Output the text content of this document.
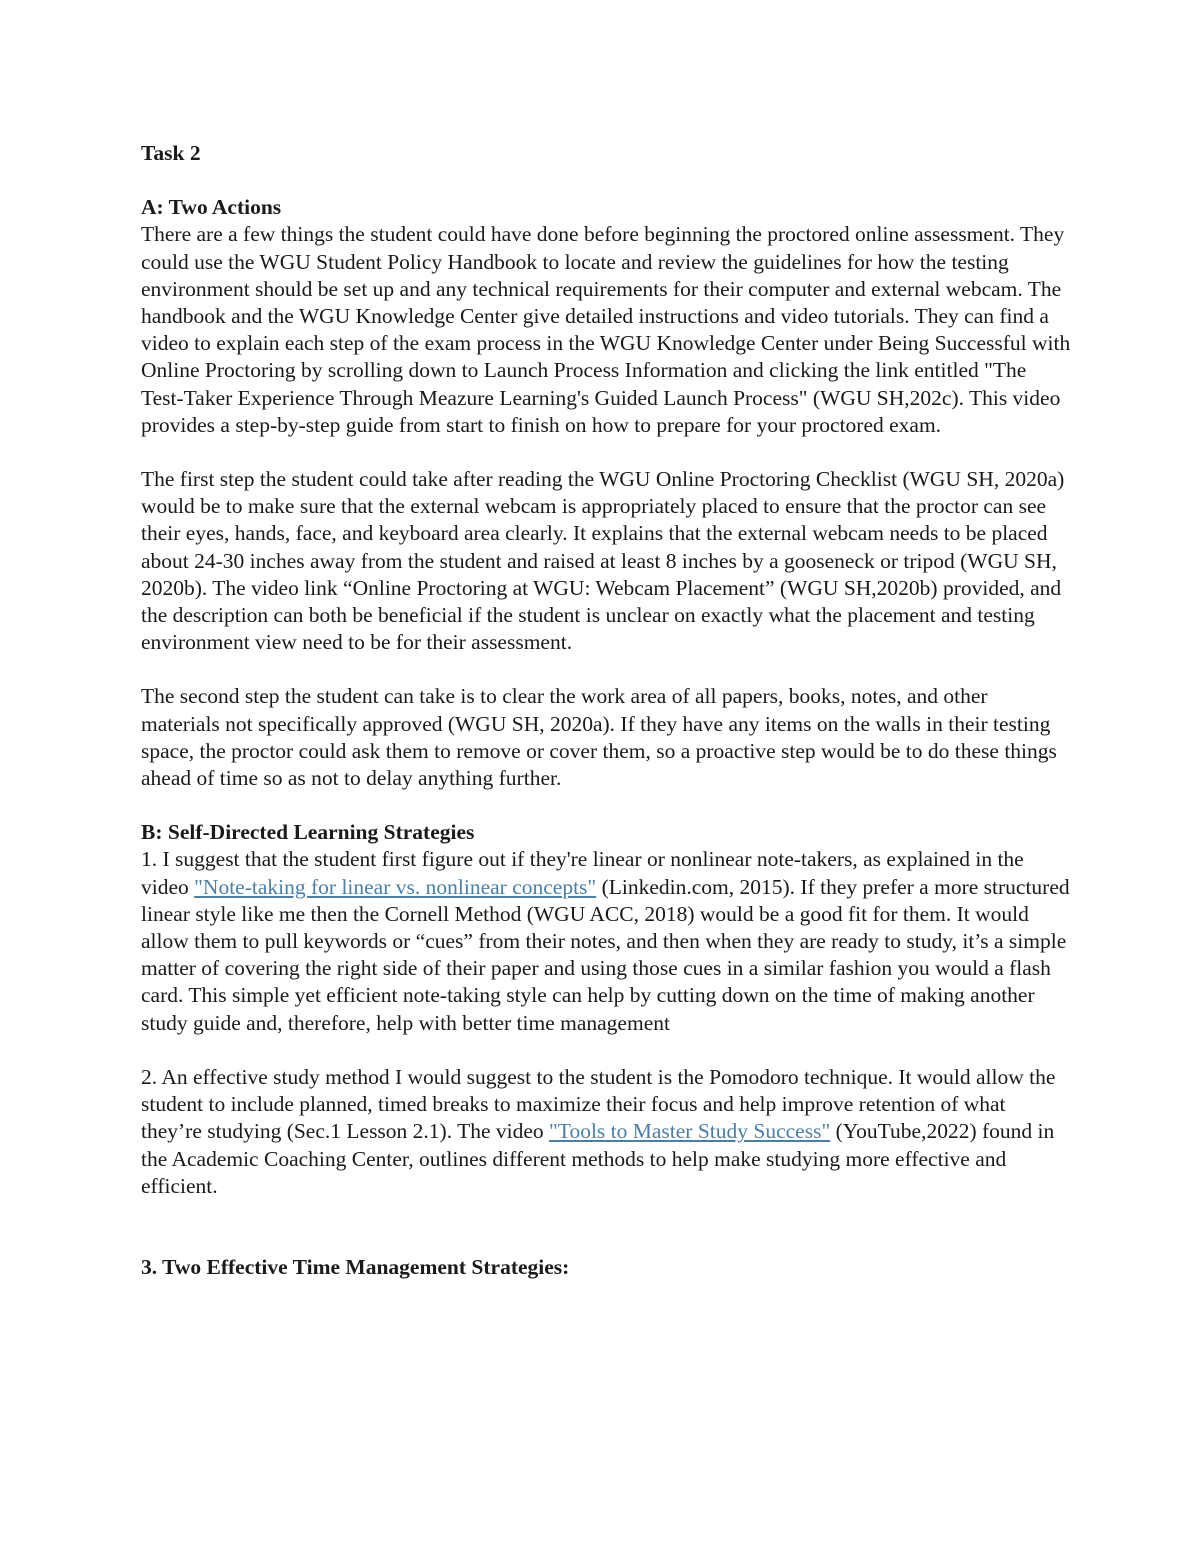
Task 2

A: Two Actions

There are a few things the student could have done before beginning the proctored online assessment. They could use the WGU Student Policy Handbook to locate and review the guidelines for how the testing environment should be set up and any technical requirements for their computer and external webcam. The handbook and the WGU Knowledge Center give detailed instructions and video tutorials. They can find a video to explain each step of the exam process in the WGU Knowledge Center under Being Successful with Online Proctoring by scrolling down to Launch Process Information and clicking the link entitled "The Test-Taker Experience Through Meazure Learning's Guided Launch Process" (WGU SH,202c). This video provides a step-by-step guide from start to finish on how to prepare for your proctored exam.

The first step the student could take after reading the WGU Online Proctoring Checklist (WGU SH, 2020a) would be to make sure that the external webcam is appropriately placed to ensure that the proctor can see their eyes, hands, face, and keyboard area clearly. It explains that the external webcam needs to be placed about 24-30 inches away from the student and raised at least 8 inches by a gooseneck or tripod (WGU SH, 2020b). The video link “Online Proctoring at WGU: Webcam Placement” (WGU SH,2020b) provided, and the description can both be beneficial if the student is unclear on exactly what the placement and testing environment view need to be for their assessment.

The second step the student can take is to clear the work area of all papers, books, notes, and other materials not specifically approved (WGU SH, 2020a). If they have any items on the walls in their testing space, the proctor could ask them to remove or cover them, so a proactive step would be to do these things ahead of time so as not to delay anything further.

B: Self-Directed Learning Strategies

1. I suggest that the student first figure out if they're linear or nonlinear note-takers, as explained in the video "Note-taking for linear vs. nonlinear concepts" (Linkedin.com, 2015). If they prefer a more structured linear style like me then the Cornell Method (WGU ACC, 2018) would be a good fit for them. It would allow them to pull keywords or “cues” from their notes, and then when they are ready to study, it’s a simple matter of covering the right side of their paper and using those cues in a similar fashion you would a flash card. This simple yet efficient note-taking style can help by cutting down on the time of making another study guide and, therefore, help with better time management

2. An effective study method I would suggest to the student is the Pomodoro technique. It would allow the student to include planned, timed breaks to maximize their focus and help improve retention of what they’re studying (Sec.1 Lesson 2.1). The video "Tools to Master Study Success" (YouTube,2022) found in the Academic Coaching Center, outlines different methods to help make studying more effective and efficient.

3. Two Effective Time Management Strategies:
